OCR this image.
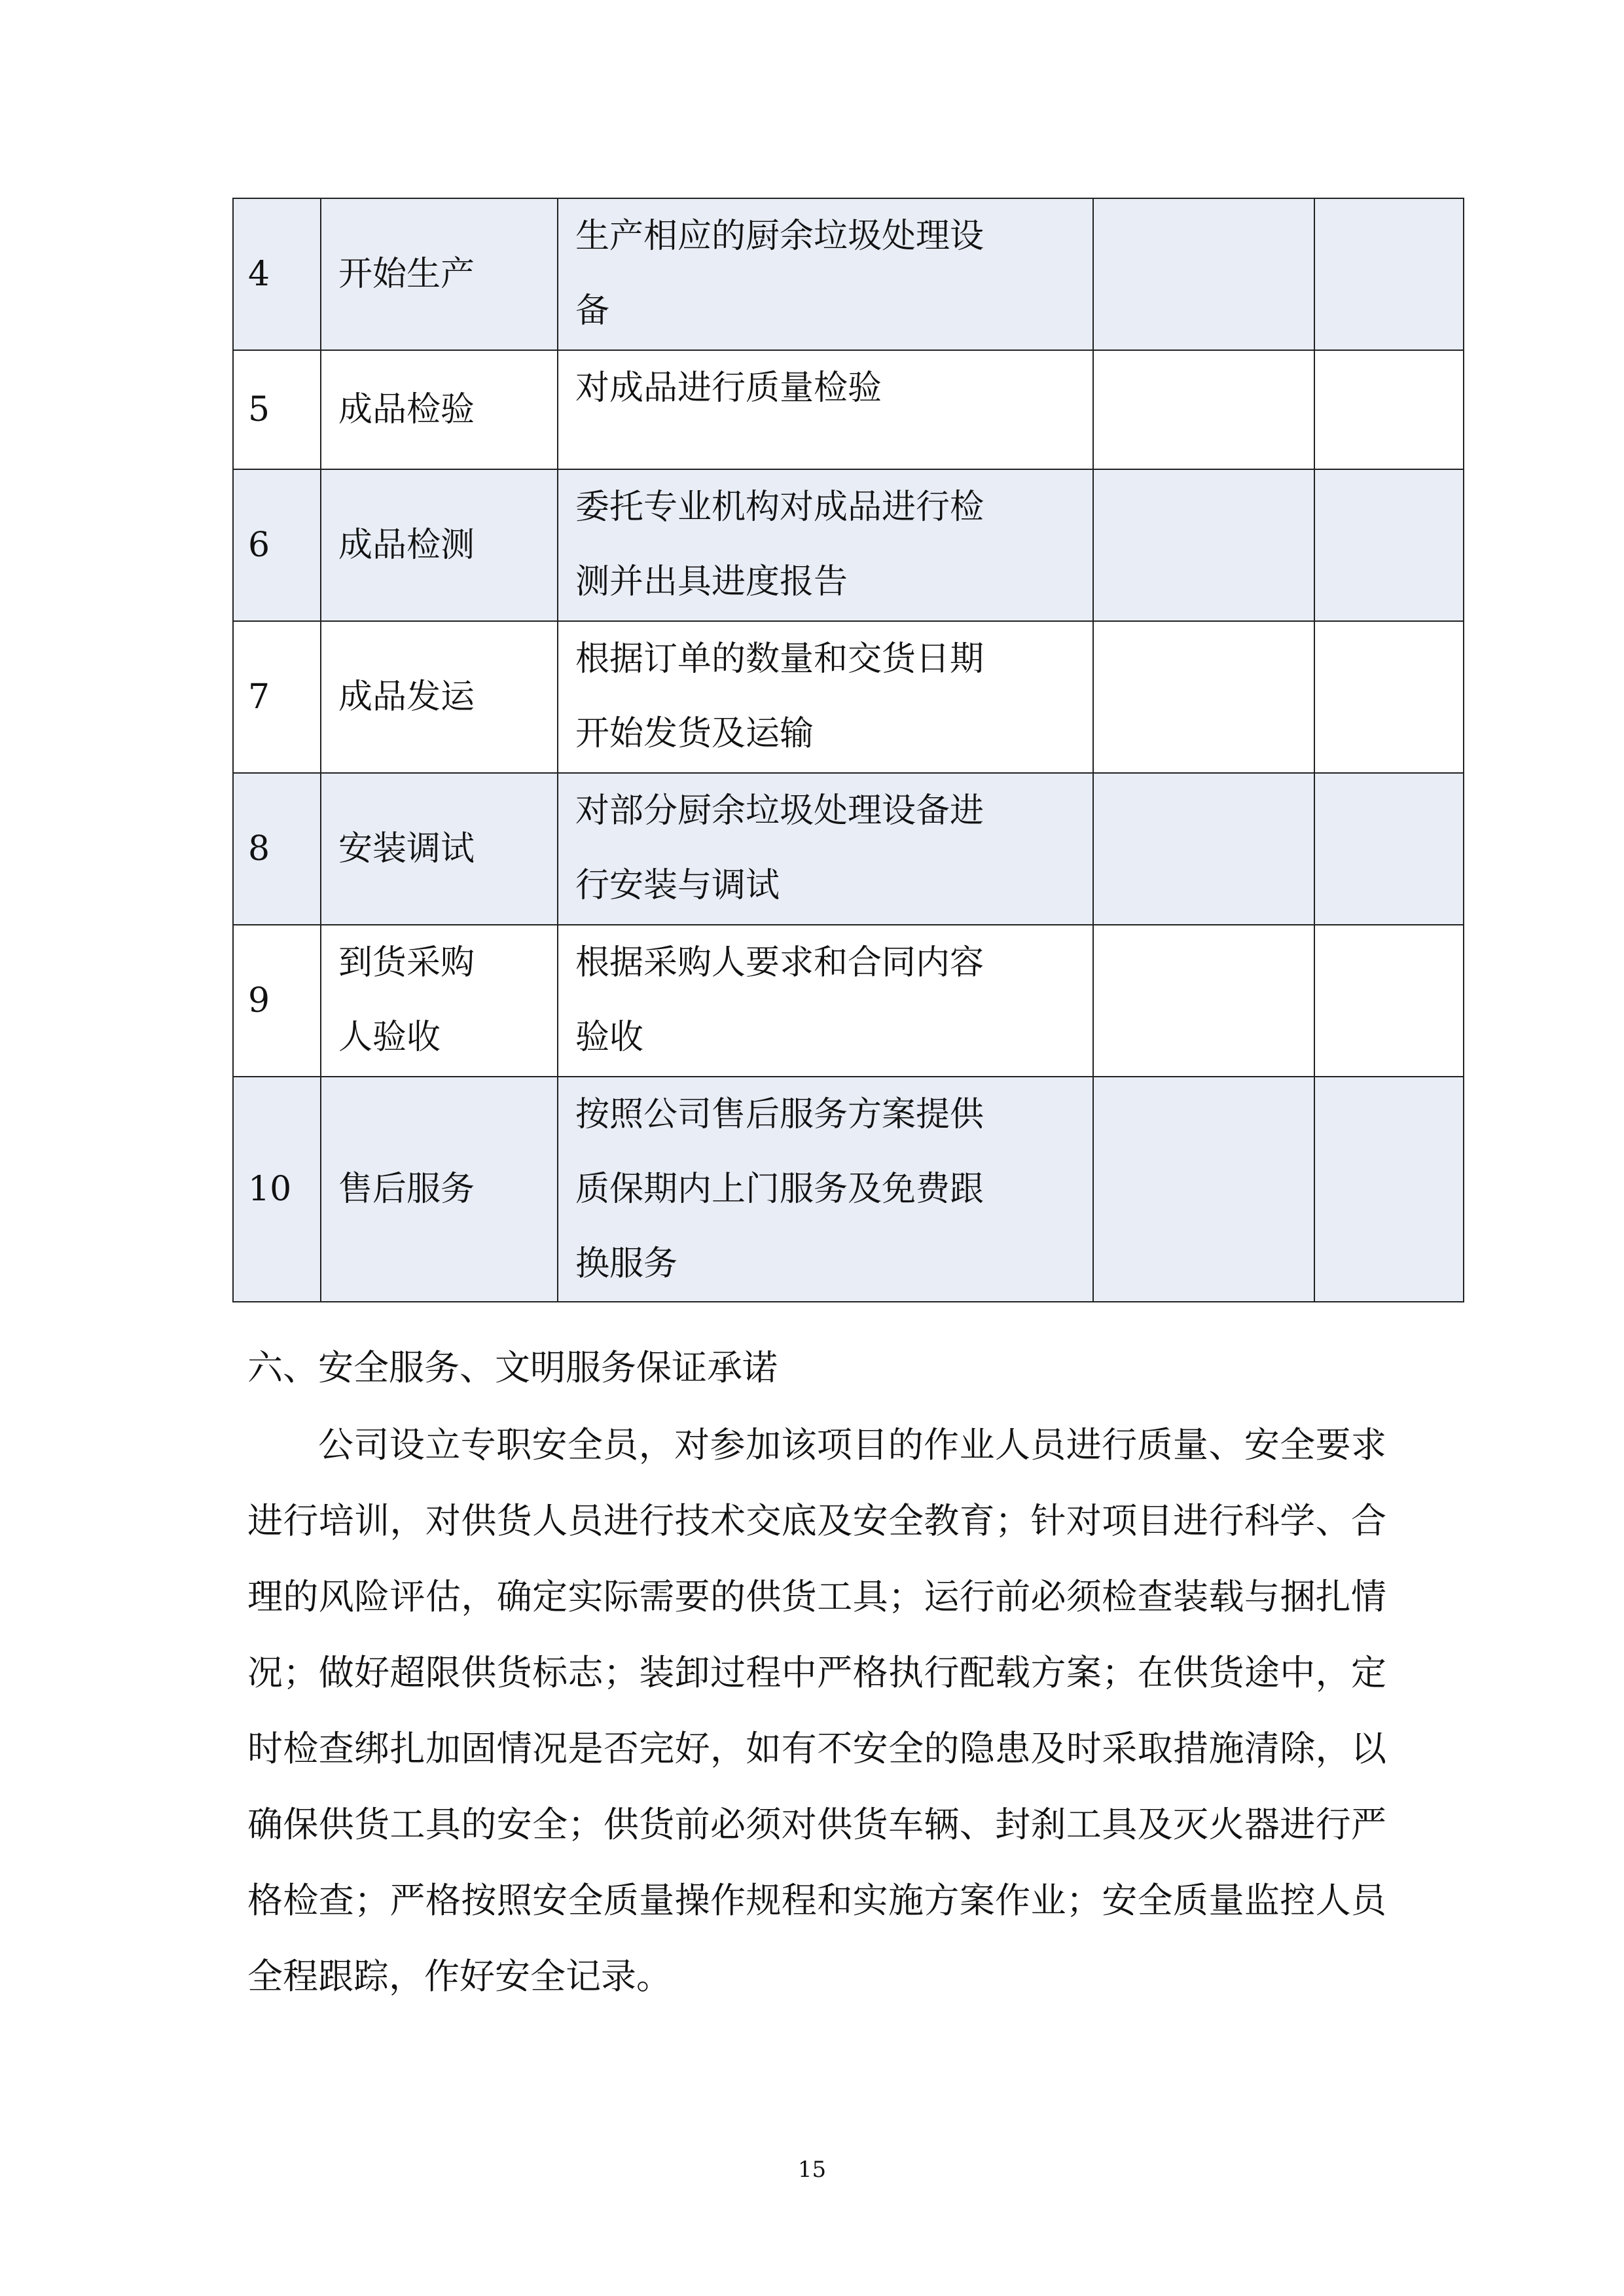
4	开始生产	生产相应的厨余垃圾处理设
备		

5	成品检验	对成品进行质量检验		

6	成品检测	委托专业机构对成品进行检
测并出具进度报告		

7	成品发运	根据订单的数量和交货日期
开始发货及运输		

8	安装调试	对部分厨余垃圾处理设备进
行安装与调试		

9	到货采购
人验收	根据采购人要求和合同内容
验收		

10	售后服务	按照公司售后服务方案提供
质保期内上门服务及免费跟
换服务		

六、安全服务、文明服务保证承诺

公司设立专职安全员，对参加该项目的作业人员进行质量、安全要求进行培训，对供货人员进行技术交底及安全教育；针对项目进行科学、合理的风险评估，确定实际需要的供货工具；运行前必须检查装载与捆扎情况；做好超限供货标志；装卸过程中严格执行配载方案；在供货途中，定时检查绑扎加固情况是否完好，如有不安全的隐患及时采取措施清除，以确保供货工具的安全；供货前必须对供货车辆、封刹工具及灭火器进行严格检查；严格按照安全质量操作规程和实施方案作业；安全质量监控人员全程跟踪，作好安全记录。

15
